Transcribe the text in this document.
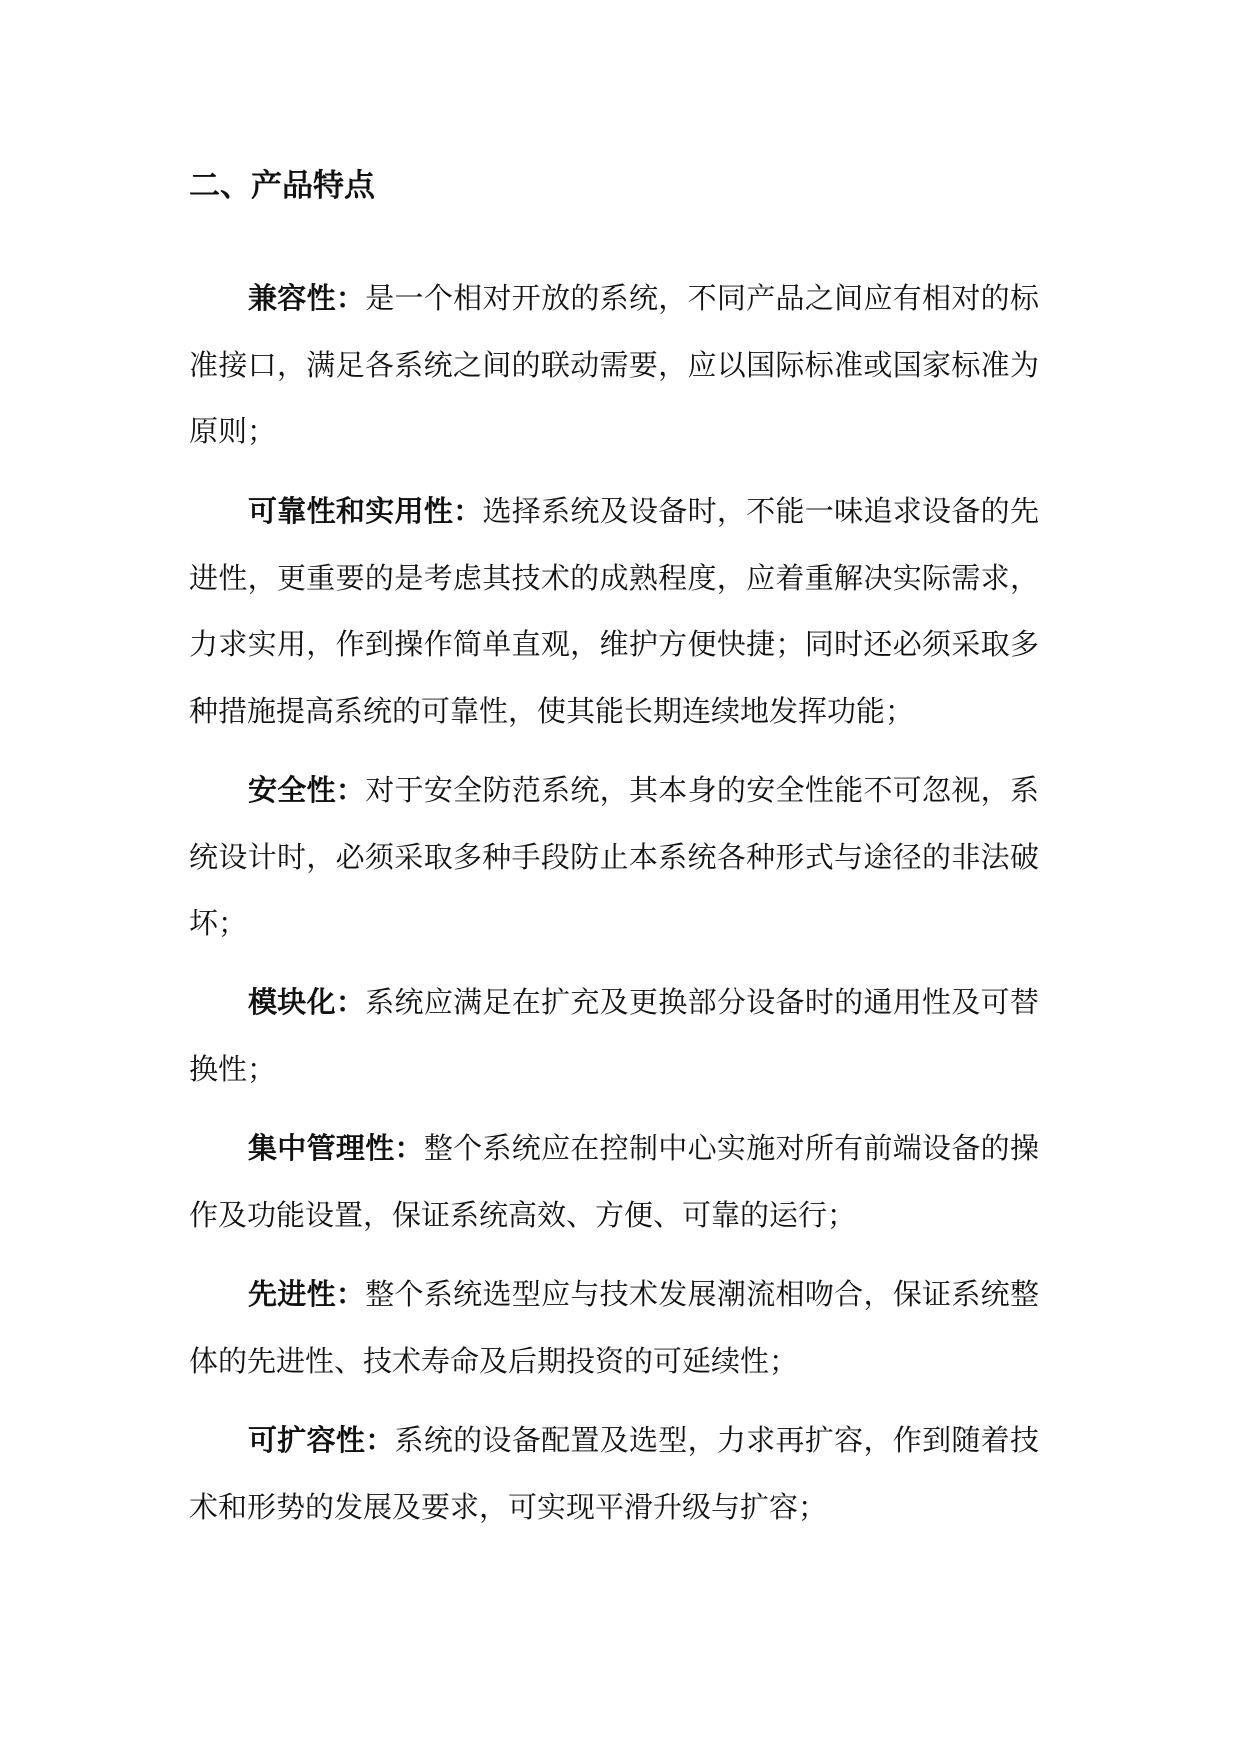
二、产品特点

兼容性：是一个相对开放的系统，不同产品之间应有相对的标准接口，满足各系统之间的联动需要，应以国际标准或国家标准为原则；

可靠性和实用性：选择系统及设备时，不能一味追求设备的先进性，更重要的是考虑其技术的成熟程度，应着重解决实际需求，力求实用，作到操作简单直观，维护方便快捷；同时还必须采取多种措施提高系统的可靠性，使其能长期连续地发挥功能；

安全性：对于安全防范系统，其本身的安全性能不可忽视，系统设计时，必须采取多种手段防止本系统各种形式与途径的非法破坏；

模块化：系统应满足在扩充及更换部分设备时的通用性及可替换性；

集中管理性：整个系统应在控制中心实施对所有前端设备的操作及功能设置，保证系统高效、方便、可靠的运行；

先进性：整个系统选型应与技术发展潮流相吻合，保证系统整体的先进性、技术寿命及后期投资的可延续性；

可扩容性：系统的设备配置及选型，力求再扩容，作到随着技术和形势的发展及要求，可实现平滑升级与扩容；
